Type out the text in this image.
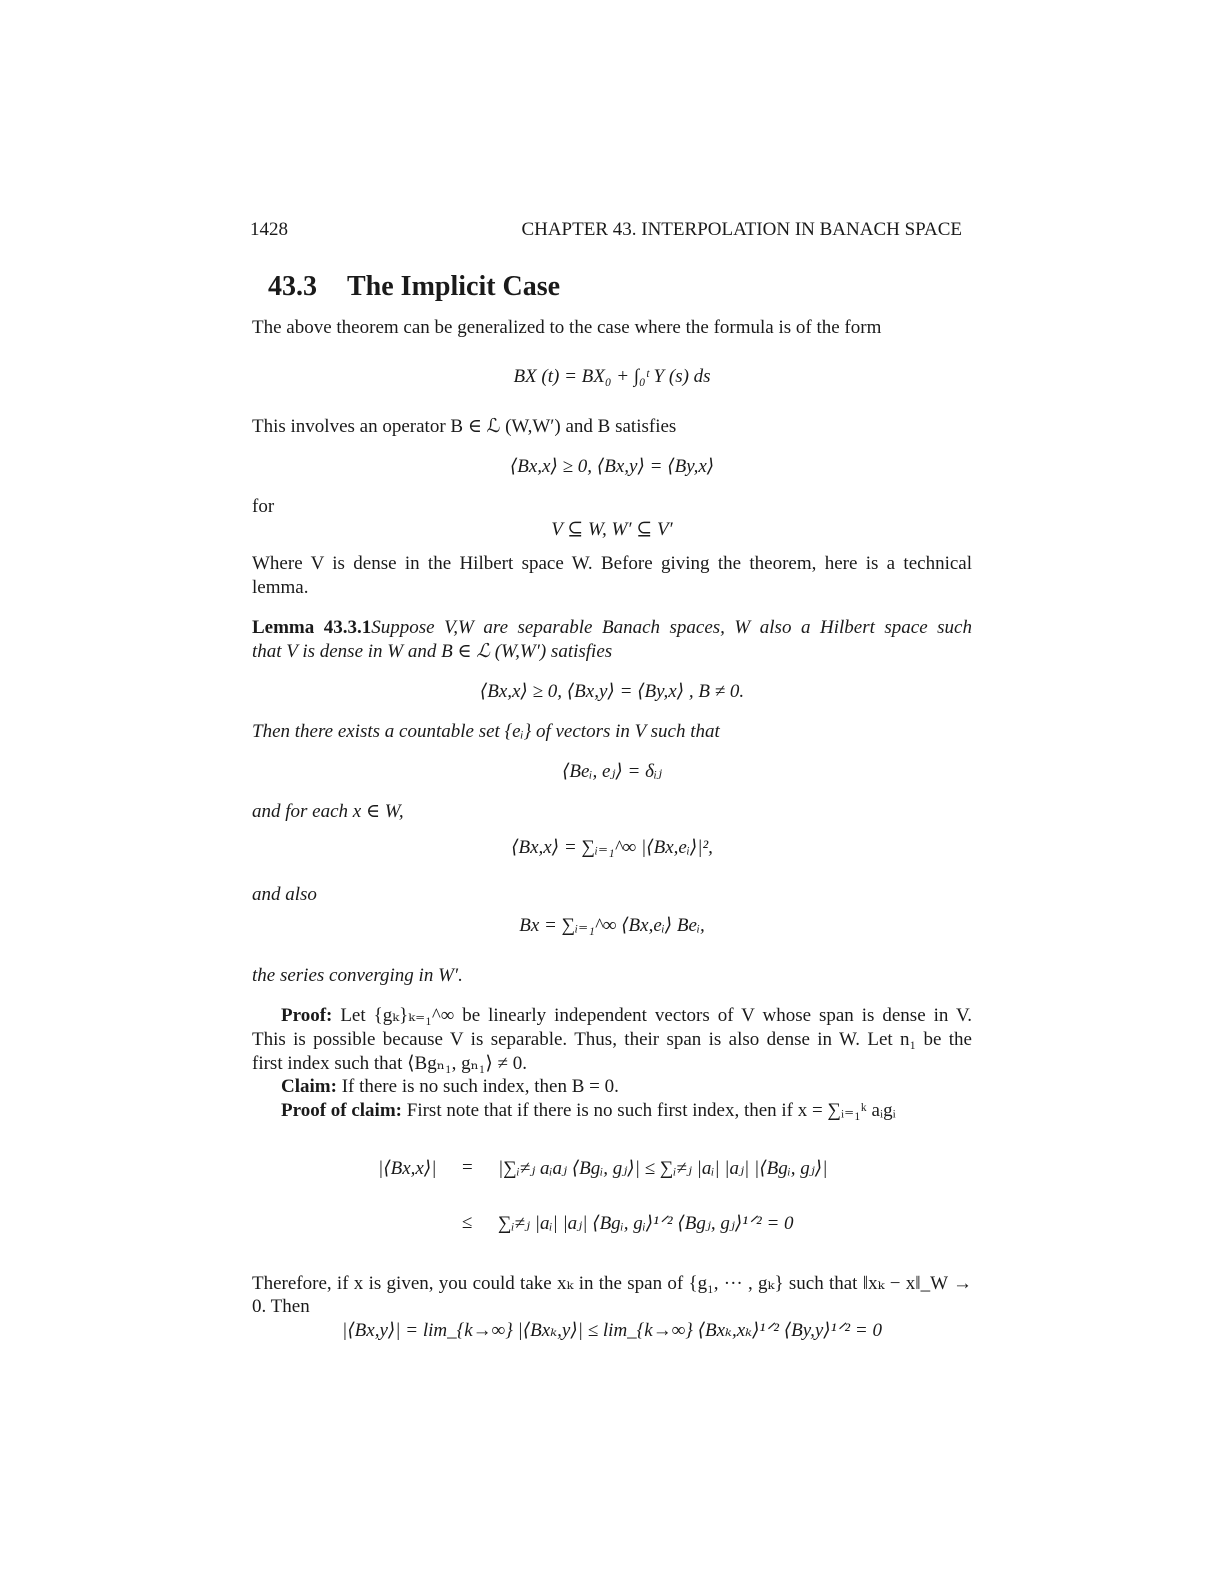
1428	CHAPTER 43. INTERPOLATION IN BANACH SPACE
43.3 The Implicit Case
The above theorem can be generalized to the case where the formula is of the form
BX (t) = BX₀ + ∫₀ᵗ Y (s) ds
This involves an operator B ∈ ℒ (W,W′) and B satisfies
⟨Bx,x⟩ ≥ 0, ⟨Bx,y⟩ = ⟨By,x⟩
for
V ⊆ W, W′ ⊆ V′
Where V is dense in the Hilbert space W. Before giving the theorem, here is a technical
lemma.
Lemma 43.3.1Suppose V,W are separable Banach spaces, W also a Hilbert space such
that V is dense in W and B ∈ ℒ (W,W′) satisfies
⟨Bx,x⟩ ≥ 0, ⟨Bx,y⟩ = ⟨By,x⟩ , B ≠ 0.
Then there exists a countable set {eᵢ} of vectors in V such that
⟨Beᵢ, eⱼ⟩ = δᵢⱼ
and for each x ∈ W,
⟨Bx,x⟩ = ∑ᵢ₌₁^∞ |⟨Bx,eᵢ⟩|²,
and also
Bx = ∑ᵢ₌₁^∞ ⟨Bx,eᵢ⟩ Beᵢ,
the series converging in W′.
Proof: Let {gₖ}ₖ₌₁^∞ be linearly independent vectors of V whose span is dense in V.
This is possible because V is separable. Thus, their span is also dense in W. Let n₁ be the
first index such that ⟨Bgₙ₁, gₙ₁⟩ ≠ 0.
Claim: If there is no such index, then B = 0.
Proof of claim: First note that if there is no such first index, then if x = ∑ᵢ₌₁ᵏ aᵢgᵢ
|⟨Bx,x⟩| = |∑ᵢ≠ⱼ aᵢaⱼ ⟨Bgᵢ, gⱼ⟩| ≤ ∑ᵢ≠ⱼ |aᵢ| |aⱼ| |⟨Bgᵢ, gⱼ⟩|
≤ ∑ᵢ≠ⱼ |aᵢ| |aⱼ| ⟨Bgᵢ, gᵢ⟩¹ᐟ² ⟨Bgⱼ, gⱼ⟩¹ᐟ² = 0
Therefore, if x is given, you could take xₖ in the span of {g₁, ··· , gₖ} such that ‖xₖ − x‖_W →
0. Then
|⟨Bx,y⟩| = lim_{k→∞} |⟨Bxₖ,y⟩| ≤ lim_{k→∞} ⟨Bxₖ,xₖ⟩¹ᐟ² ⟨By,y⟩¹ᐟ² = 0
